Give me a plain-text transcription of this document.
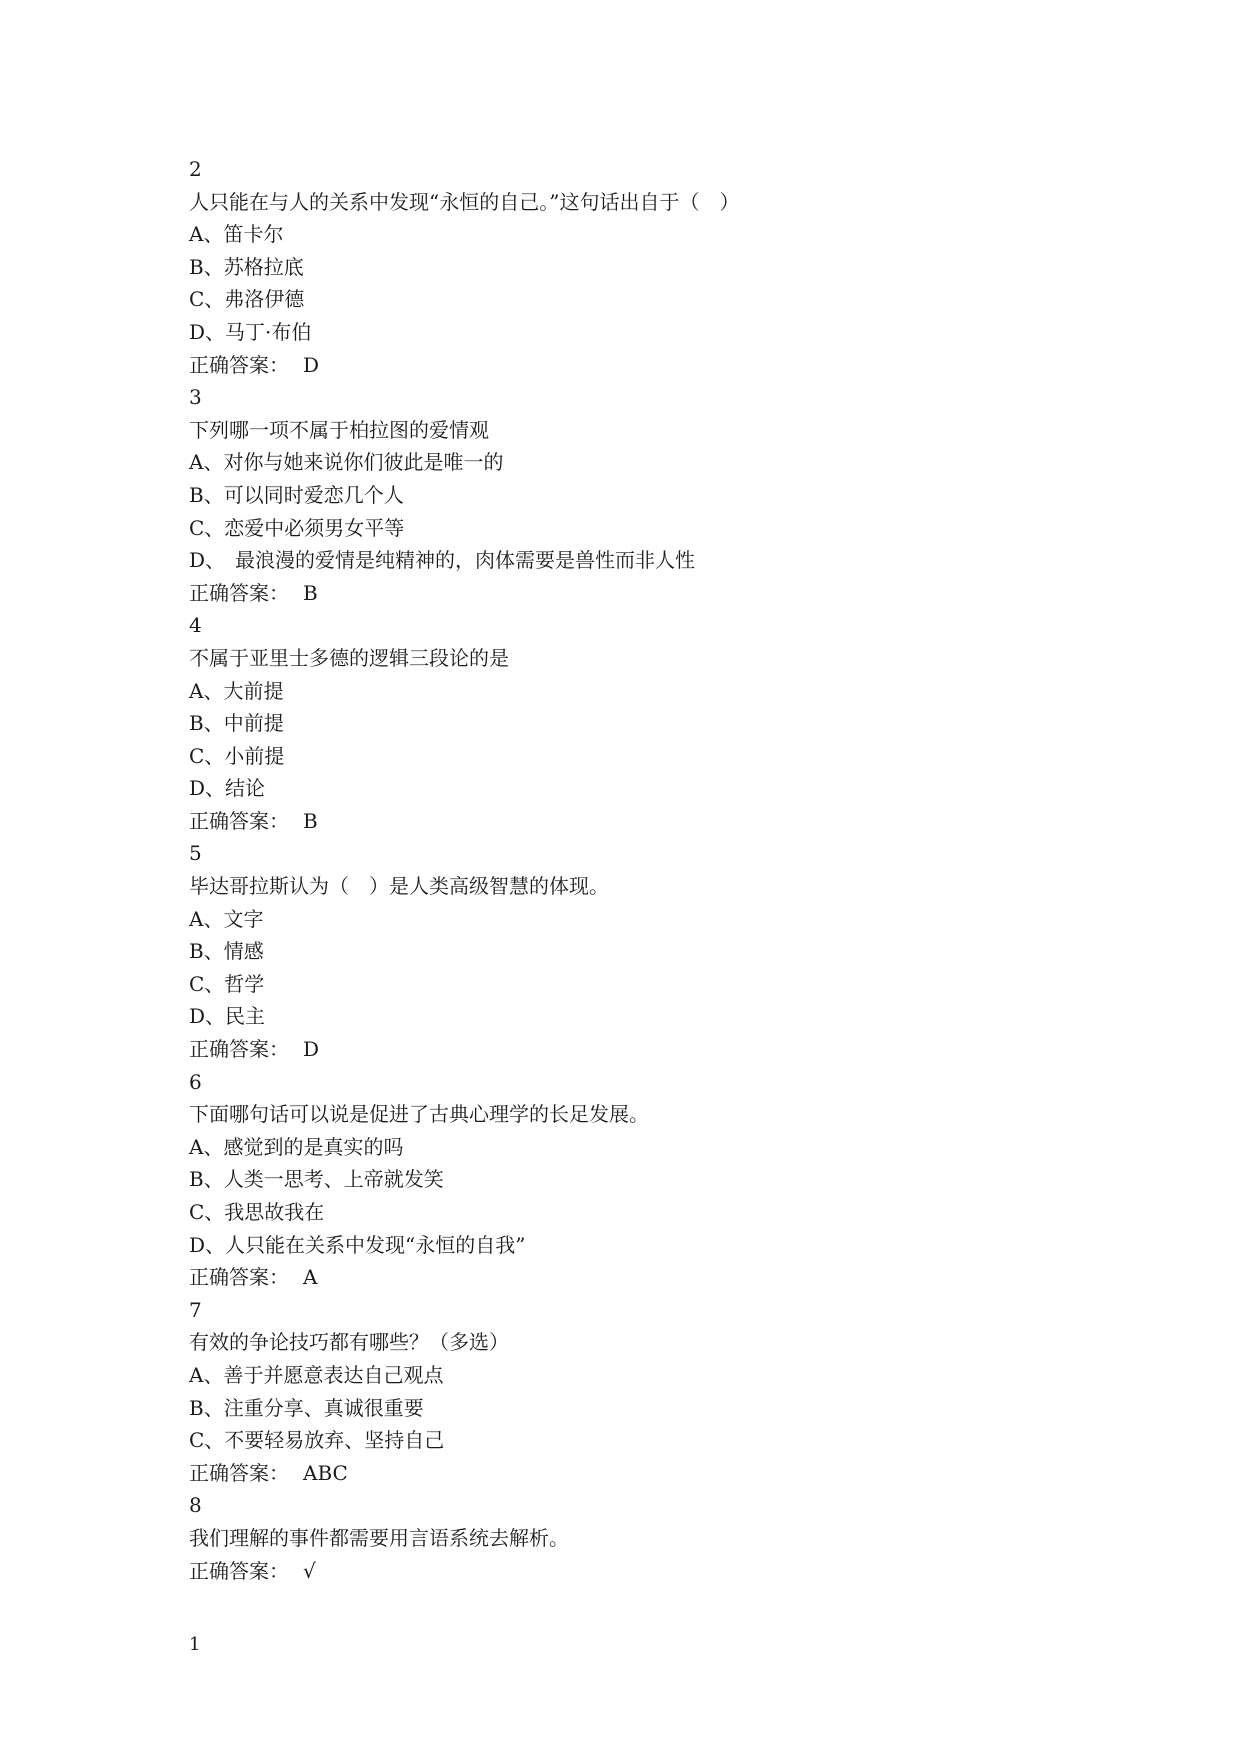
2
人只能在与人的关系中发现“永恒的自己。”这句话出自于（　）
A、笛卡尔
B、苏格拉底
C、弗洛伊德
D、马丁·布伯
正确答案： D
3
下列哪一项不属于柏拉图的爱情观
A、对你与她来说你们彼此是唯一的
B、可以同时爱恋几个人
C、恋爱中必须男女平等
D、　最浪漫的爱情是纯精神的，肉体需要是兽性而非人性
正确答案： B
4
不属于亚里士多德的逻辑三段论的是
A、大前提
B、中前提
C、小前提
D、结论
正确答案： B
5
毕达哥拉斯认为（　）是人类高级智慧的体现。
A、文字
B、情感
C、哲学
D、民主
正确答案： D
6
下面哪句话可以说是促进了古典心理学的长足发展。
A、感觉到的是真实的吗
B、人类一思考、上帝就发笑
C、我思故我在
D、人只能在关系中发现“永恒的自我”
正确答案： A
7
有效的争论技巧都有哪些？（多选）
A、善于并愿意表达自己观点
B、注重分享、真诚很重要
C、不要轻易放弃、坚持自己
正确答案： ABC
8
我们理解的事件都需要用言语系统去解析。
正确答案： √
1
